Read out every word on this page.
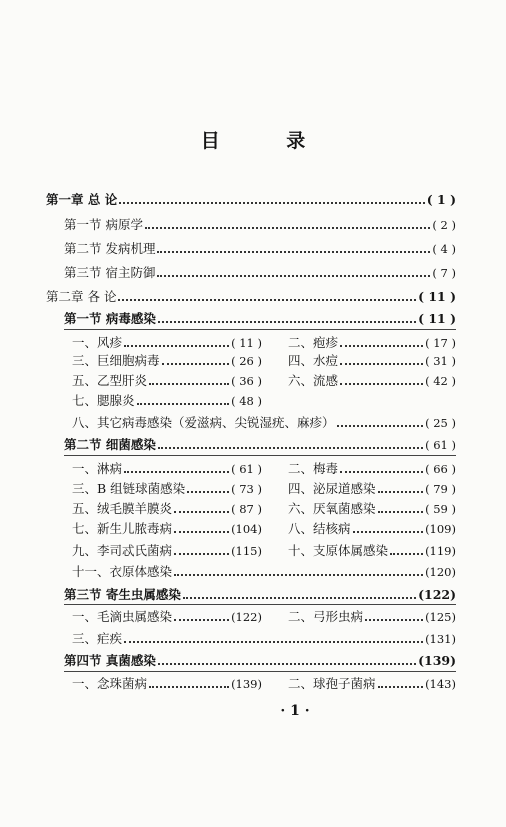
目 录
第一章 总 论	( 1 )
第一节 病原学	( 2 )
第二节 发病机理	( 4 )
第三节 宿主防御	( 7 )
第二章 各 论	( 11 )
第一节 病毒感染	( 11 )
一、风疹	( 11 ) 二、疱疹	( 17 )
三、巨细胞病毒	( 26 ) 四、水痘	( 31 )
五、乙型肝炎	( 36 ) 六、流感	( 42 )
七、腮腺炎	( 48 )
八、其它病毒感染（爱滋病、尖锐湿疣、麻疹）	( 25 )
第二节 细菌感染	( 61 )
一、淋病	( 61 ) 二、梅毒	( 66 )
三、B 组链球菌感染	( 73 ) 四、泌尿道感染	( 79 )
五、绒毛膜羊膜炎	( 87 ) 六、厌氧菌感染	( 59 )
七、新生儿脓毒病	(104) 八、结核病	(109)
九、李司忒氏菌病	(115) 十、支原体属感染	(119)
十一、衣原体感染	(120)
第三节 寄生虫属感染	(122)
一、毛滴虫属感染	(122) 二、弓形虫病	(125)
三、疟疾	(131)
第四节 真菌感染	(139)
一、念珠菌病	(139) 二、球孢子菌病	(143)
· 1 ·
